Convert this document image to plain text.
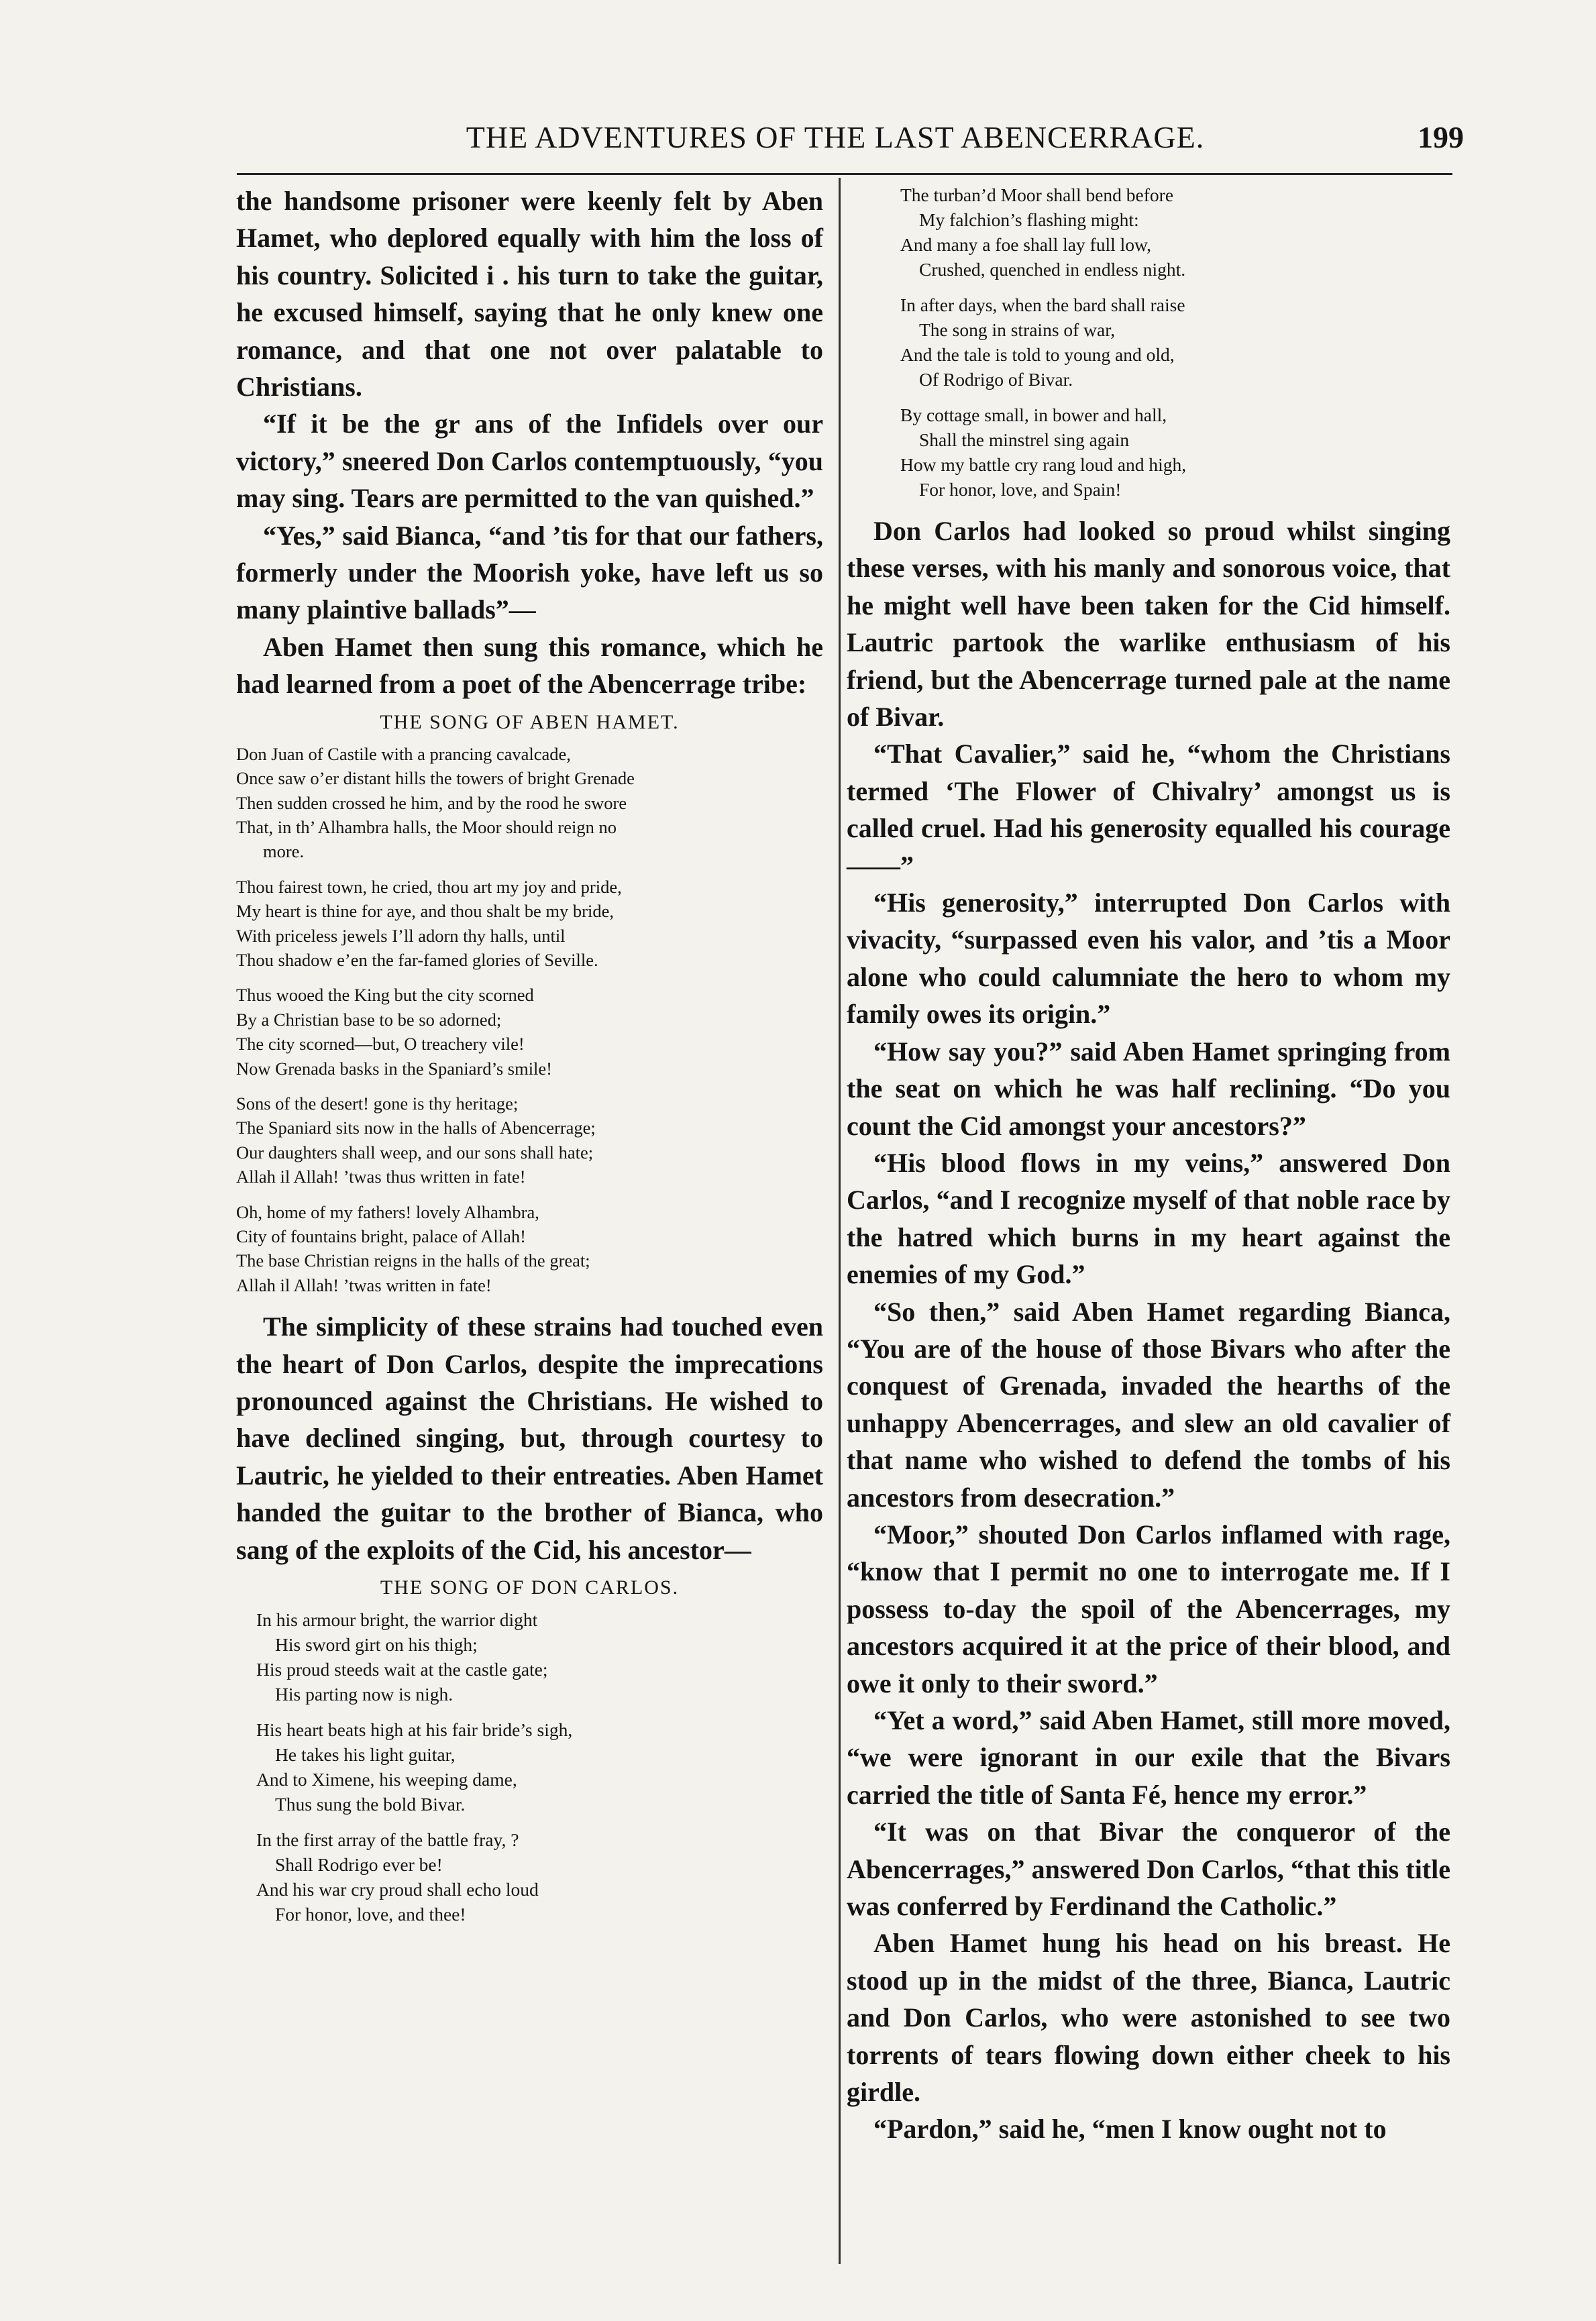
THE ADVENTURES OF THE LAST ABENCERRAGE.	199

the handsome prisoner were keenly felt by Aben Hamet, who deplored equally with him the loss of his country. Solicited i . his turn to take the guitar, he excused himself, saying that he only knew one romance, and that one not over palatable to Christians.

“If it be the gr ans of the Infidels over our victory,” sneered Don Carlos contemptuously, “you may sing. Tears are permitted to the van quished.”

“Yes,” said Bianca, “and ’tis for that our fathers, formerly under the Moorish yoke, have left us so many plaintive ballads”—

Aben Hamet then sung this romance, which he had learned from a poet of the Abencerrage tribe:

THE SONG OF ABEN HAMET.
Don Juan of Castile with a prancing cavalcade,
Once saw o’er distant hills the towers of bright Grenade
Then sudden crossed he him, and by the rood he swore
That, in th’ Alhambra halls, the Moor should reign no
more.
Thou fairest town, he cried, thou art my joy and pride,
My heart is thine for aye, and thou shalt be my bride,
With priceless jewels I’ll adorn thy halls, until
Thou shadow e’en the far-famed glories of Seville.
Thus wooed the King but the city scorned
By a Christian base to be so adorned;
The city scorned—but, O treachery vile!
Now Grenada basks in the Spaniard’s smile!
Sons of the desert! gone is thy heritage;
The Spaniard sits now in the halls of Abencerrage;
Our daughters shall weep, and our sons shall hate;
Allah il Allah! ’twas thus written in fate!
Oh, home of my fathers! lovely Alhambra,
City of fountains bright, palace of Allah!
The base Christian reigns in the halls of the great;
Allah il Allah! ’twas written in fate!

The simplicity of these strains had touched even the heart of Don Carlos, despite the imprecations pronounced against the Christians. He wished to have declined singing, but, through courtesy to Lautric, he yielded to their entreaties. Aben Hamet handed the guitar to the brother of Bianca, who sang of the exploits of the Cid, his ancestor—

THE SONG OF DON CARLOS.
In his armour bright, the warrior dight
His sword girt on his thigh;
His proud steeds wait at the castle gate;
His parting now is nigh.
His heart beats high at his fair bride’s sigh,
He takes his light guitar,
And to Ximene, his weeping dame,
Thus sung the bold Bivar.
In the first array of the battle fray, ?
Shall Rodrigo ever be!
And his war cry proud shall echo loud
For honor, love, and thee!
The turban’d Moor shall bend before
My falchion’s flashing might:
And many a foe shall lay full low,
Crushed, quenched in endless night.
In after days, when the bard shall raise
The song in strains of war,
And the tale is told to young and old,
Of Rodrigo of Bivar.
By cottage small, in bower and hall,
Shall the minstrel sing again
How my battle cry rang loud and high,
For honor, love, and Spain!

Don Carlos had looked so proud whilst singing these verses, with his manly and sonorous voice, that he might well have been taken for the Cid himself. Lautric partook the warlike enthusiasm of his friend, but the Abencerrage turned pale at the name of Bivar.

“That Cavalier,” said he, “whom the Christians termed ‘The Flower of Chivalry’ amongst us is called cruel. Had his generosity equalled his courage——”

“His generosity,” interrupted Don Carlos with vivacity, “surpassed even his valor, and ’tis a Moor alone who could calumniate the hero to whom my family owes its origin.”

“How say you?” said Aben Hamet springing from the seat on which he was half reclining. “Do you count the Cid amongst your ancestors?”

“His blood flows in my veins,” answered Don Carlos, “and I recognize myself of that noble race by the hatred which burns in my heart against the enemies of my God.”

“So then,” said Aben Hamet regarding Bianca, “You are of the house of those Bivars who after the conquest of Grenada, invaded the hearths of the unhappy Abencerrages, and slew an old cavalier of that name who wished to defend the tombs of his ancestors from desecration.”

“Moor,” shouted Don Carlos inflamed with rage, “know that I permit no one to interrogate me. If I possess to-day the spoil of the Abencerrages, my ancestors acquired it at the price of their blood, and owe it only to their sword.”

“Yet a word,” said Aben Hamet, still more moved, “we were ignorant in our exile that the Bivars carried the title of Santa Fé, hence my error.”

“It was on that Bivar the conqueror of the Abencerrages,” answered Don Carlos, “that this title was conferred by Ferdinand the Catholic.”

Aben Hamet hung his head on his breast. He stood up in the midst of the three, Bianca, Lautric and Don Carlos, who were astonished to see two torrents of tears flowing down either cheek to his girdle.

“Pardon,” said he, “men I know ought not to
